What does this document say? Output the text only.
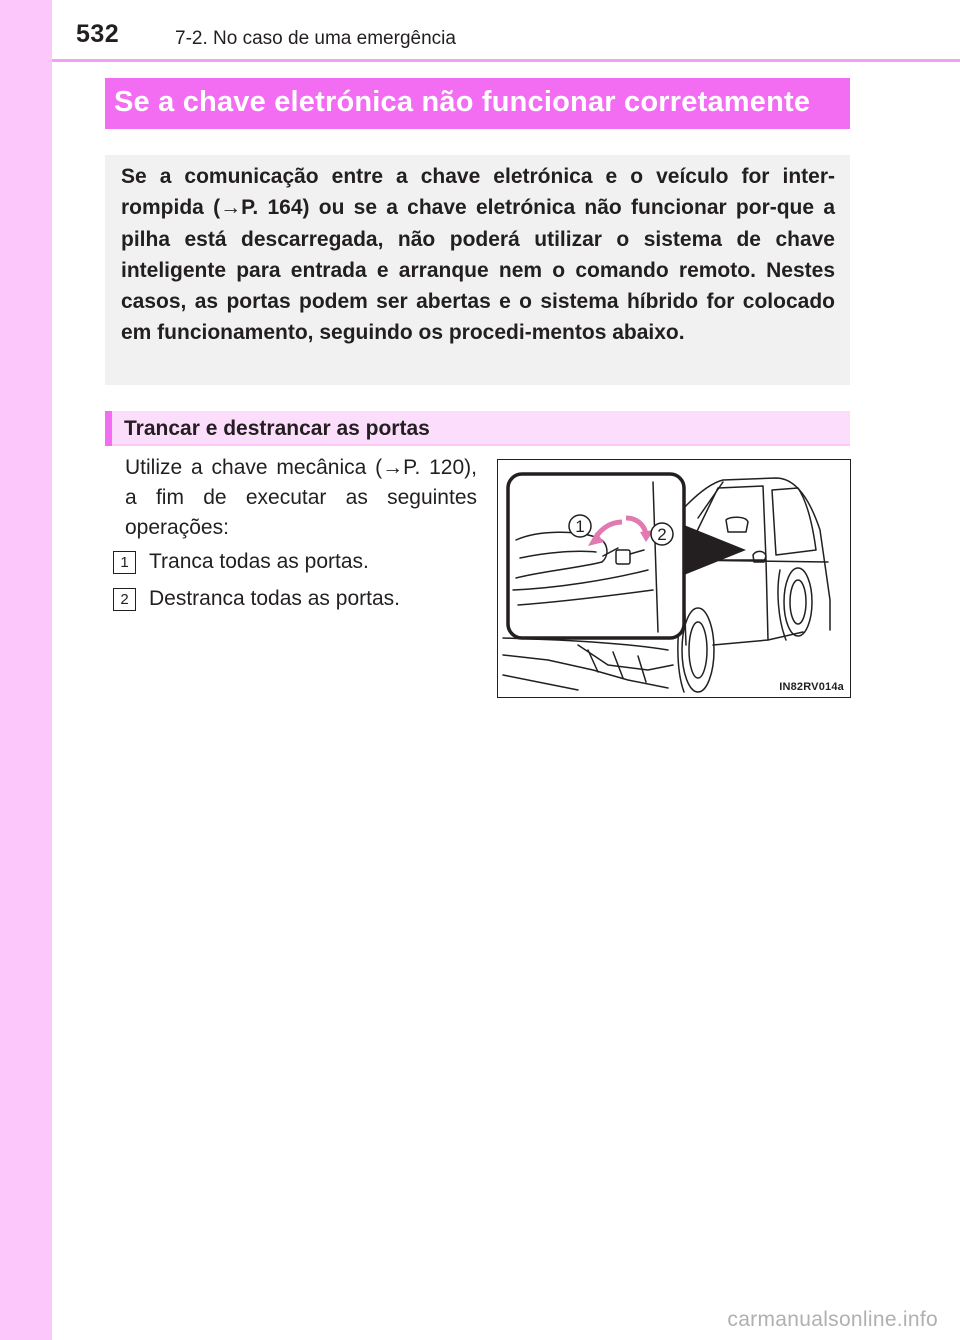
532	7-2. No caso de uma emergência
Se a chave eletrónica não funcionar corretamente

Se a comunicação entre a chave eletrónica e o veículo for inter-rompida (→P. 164) ou se a chave eletrónica não funcionar por-que a pilha está descarregada, não poderá utilizar o sistema de chave inteligente para entrada e arranque nem o comando remoto. Nestes casos, as portas podem ser abertas e o sistema híbrido for colocado em funcionamento, seguindo os procedi-mentos abaixo.

Trancar e destrancar as portas

Utilize a chave mecânica (→P. 120), a fim de executar as seguintes operações:

1 Tranca todas as portas.
2 Destranca todas as portas.
1	2
IN82RV014a
carmanualsonline.info
